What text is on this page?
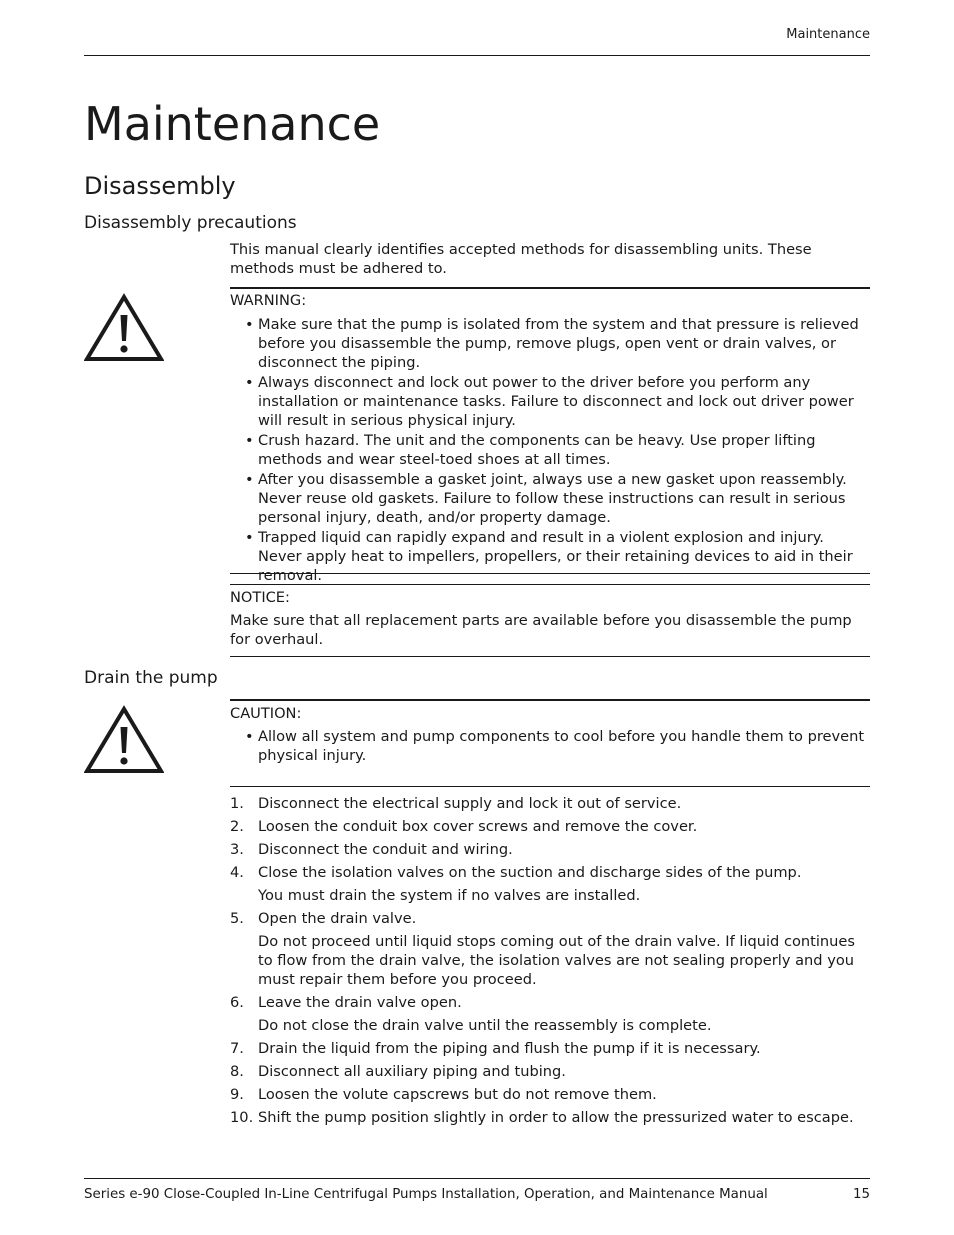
Maintenance
Maintenance
Disassembly
Disassembly precautions
This manual clearly identifies accepted methods for disassembling units. These methods must be adhered to.
WARNING:
• Make sure that the pump is isolated from the system and that pressure is relieved before you disassemble the pump, remove plugs, open vent or drain valves, or disconnect the piping.
• Always disconnect and lock out power to the driver before you perform any installation or maintenance tasks. Failure to disconnect and lock out driver power will result in serious physical injury.
• Crush hazard. The unit and the components can be heavy. Use proper lifting methods and wear steel-toed shoes at all times.
• After you disassemble a gasket joint, always use a new gasket upon reassembly. Never reuse old gaskets. Failure to follow these instructions can result in serious personal injury, death, and/or property damage.
• Trapped liquid can rapidly expand and result in a violent explosion and injury. Never apply heat to impellers, propellers, or their retaining devices to aid in their removal.
NOTICE:
Make sure that all replacement parts are available before you disassemble the pump for overhaul.
Drain the pump
CAUTION:
• Allow all system and pump components to cool before you handle them to prevent physical injury.
1. Disconnect the electrical supply and lock it out of service.
2. Loosen the conduit box cover screws and remove the cover.
3. Disconnect the conduit and wiring.
4. Close the isolation valves on the suction and discharge sides of the pump.
You must drain the system if no valves are installed.
5. Open the drain valve.
Do not proceed until liquid stops coming out of the drain valve. If liquid continues to flow from the drain valve, the isolation valves are not sealing properly and you must repair them before you proceed.
6. Leave the drain valve open.
Do not close the drain valve until the reassembly is complete.
7. Drain the liquid from the piping and flush the pump if it is necessary.
8. Disconnect all auxiliary piping and tubing.
9. Loosen the volute capscrews but do not remove them.
10. Shift the pump position slightly in order to allow the pressurized water to escape.
Series e-90 Close-Coupled In-Line Centrifugal Pumps Installation, Operation, and Maintenance Manual	15
